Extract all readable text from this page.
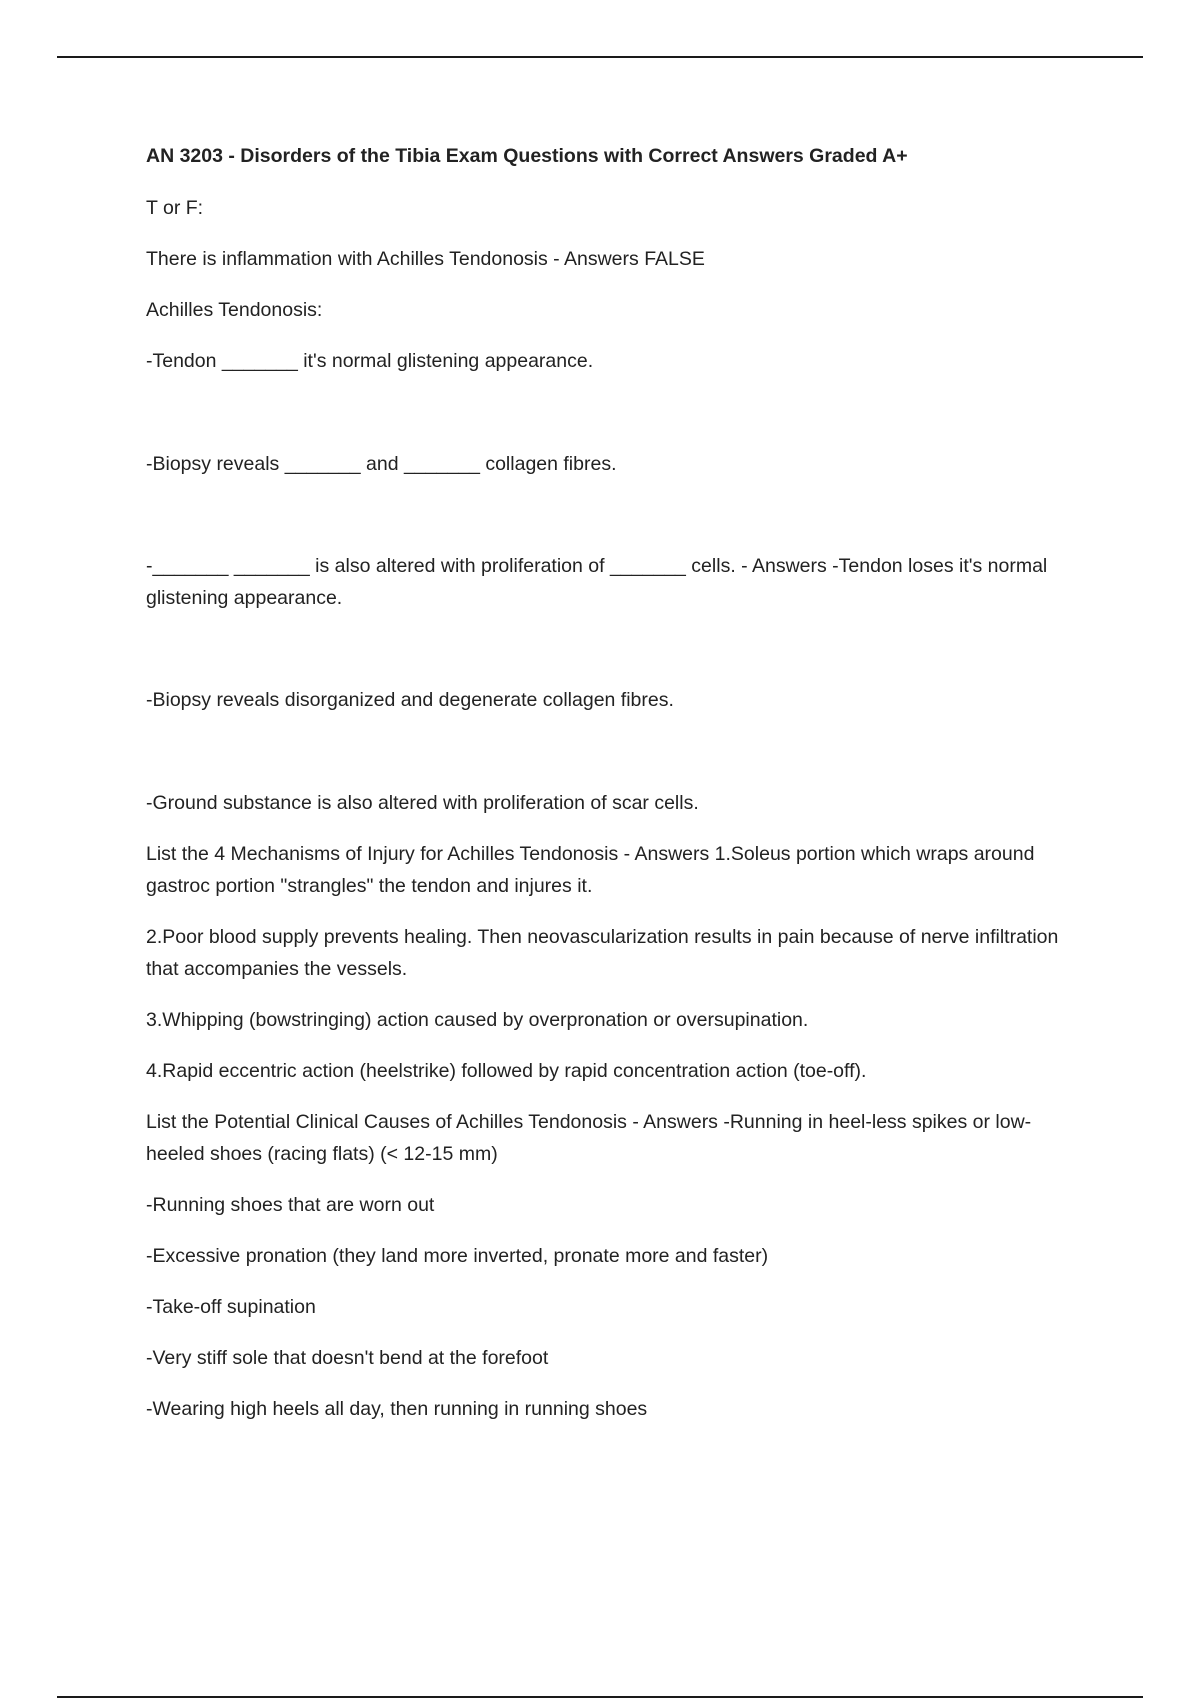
AN 3203 - Disorders of the Tibia Exam Questions with Correct Answers Graded A+

T or F:

There is inflammation with Achilles Tendonosis - Answers FALSE

Achilles Tendonosis:

-Tendon _______ it's normal glistening appearance.

-Biopsy reveals _______ and _______ collagen fibres.

-_______ _______ is also altered with proliferation of _______ cells. - Answers -Tendon loses it's normal glistening appearance.

-Biopsy reveals disorganized and degenerate collagen fibres.

-Ground substance is also altered with proliferation of scar cells.

List the 4 Mechanisms of Injury for Achilles Tendonosis - Answers 1.Soleus portion which wraps around gastroc portion "strangles" the tendon and injures it.

2.Poor blood supply prevents healing. Then neovascularization results in pain because of nerve infiltration that accompanies the vessels.

3.Whipping (bowstringing) action caused by overpronation or oversupination.

4.Rapid eccentric action (heelstrike) followed by rapid concentration action (toe-off).

List the Potential Clinical Causes of Achilles Tendonosis - Answers -Running in heel-less spikes or low-heeled shoes (racing flats) (< 12-15 mm)

-Running shoes that are worn out

-Excessive pronation (they land more inverted, pronate more and faster)

-Take-off supination

-Very stiff sole that doesn't bend at the forefoot

-Wearing high heels all day, then running in running shoes
